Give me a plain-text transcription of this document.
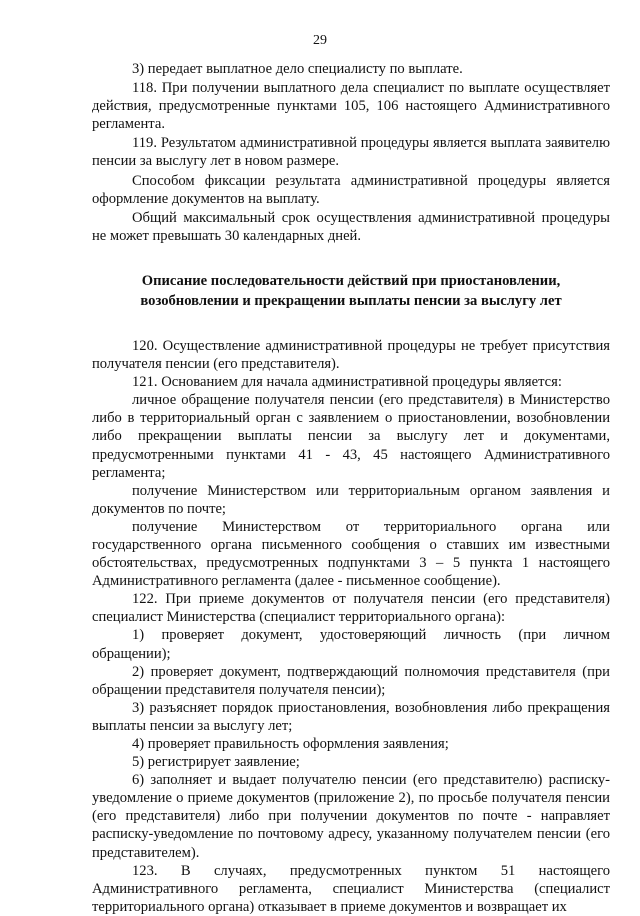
29

3) передает выплатное дело специалисту по выплате.

118. При получении выплатного дела специалист по выплате осуществляет действия, предусмотренные пунктами 105, 106 настоящего Административного регламента.

119. Результатом административной процедуры является выплата заявителю пенсии за выслугу лет в новом размере.

Способом фиксации результата административной процедуры является оформление документов на выплату.

Общий максимальный срок осуществления административной процедуры не может превышать 30 календарных дней.

Описание последовательности действий при приостановлении, возобновлении и прекращении выплаты пенсии за выслугу лет

120. Осуществление административной процедуры не требует присутствия получателя пенсии (его представителя).

121. Основанием для начала административной процедуры является:

личное обращение получателя пенсии (его представителя) в Министерство либо в территориальный орган с заявлением о приостановлении, возобновлении либо прекращении выплаты пенсии за выслугу лет и документами, предусмотренными пунктами 41 - 43, 45 настоящего Административного регламента;

получение Министерством или территориальным органом заявления и документов по почте;

получение Министерством от территориального органа или государственного органа письменного сообщения о ставших им известными обстоятельствах, предусмотренных подпунктами 3 – 5 пункта 1 настоящего Административного регламента (далее - письменное сообщение).

122. При приеме документов от получателя пенсии (его представителя) специалист Министерства (специалист территориального органа):

1) проверяет документ, удостоверяющий личность (при личном обращении);

2) проверяет документ, подтверждающий полномочия представителя (при обращении представителя получателя пенсии);

3) разъясняет порядок приостановления, возобновления либо прекращения выплаты пенсии за выслугу лет;

4) проверяет правильность оформления заявления;

5) регистрирует заявление;

6) заполняет и выдает получателю пенсии (его представителю) расписку-уведомление о приеме документов (приложение 2), по просьбе получателя пенсии (его представителя) либо при получении документов по почте - направляет расписку-уведомление по почтовому адресу, указанному получателем пенсии (его представителем).

123. В случаях, предусмотренных пунктом 51 настоящего Административного регламента, специалист Министерства (специалист территориального органа) отказывает в приеме документов и возвращает их
